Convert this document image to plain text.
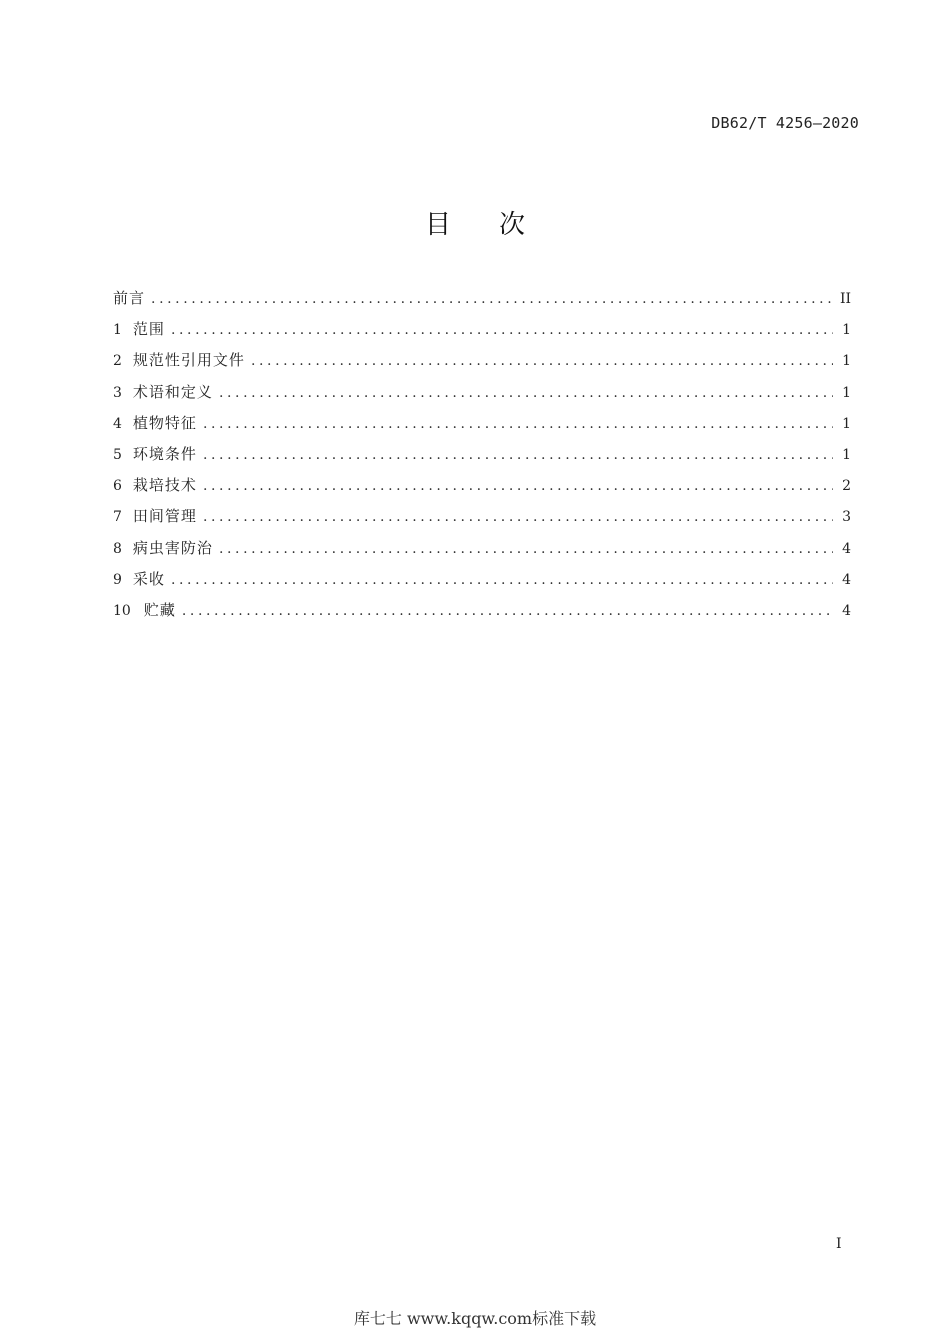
DB62/T 4256—2020
目次
前言 .....	II
1 范围 .....	1
2 规范性引用文件 .....	1
3 术语和定义 .....	1
4 植物特征 .....	1
5 环境条件 .....	1
6 栽培技术 .....	2
7 田间管理 .....	3
8 病虫害防治 .....	4
9 采收 .....	4
10 贮藏 .....	4
I
库七七 www.kqqw.com标准下载
